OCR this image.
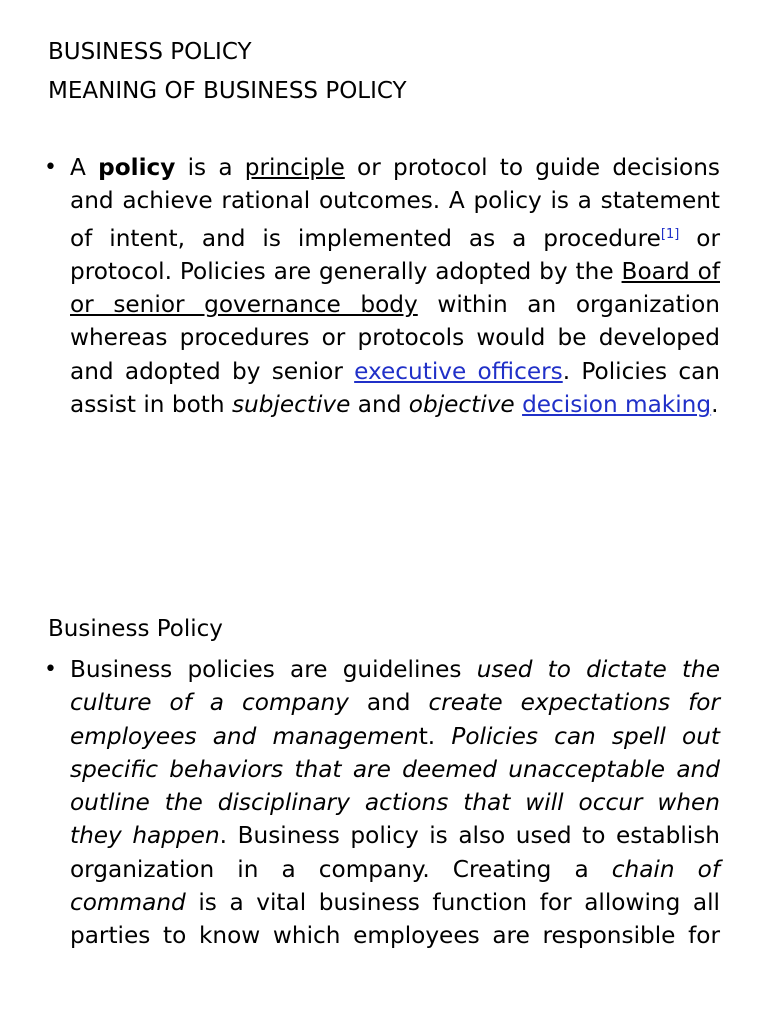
BUSINESS POLICY
MEANING OF BUSINESS POLICY
• A policy is a principle or protocol to guide decisions and achieve rational outcomes. A policy is a statement of intent, and is implemented as a procedure[1] or protocol. Policies are generally adopted by the Board of or senior governance body within an organization whereas procedures or protocols would be developed and adopted by senior executive officers. Policies can assist in both subjective and objective decision making.

Business Policy
• Business policies are guidelines used to dictate the culture of a company and create expectations for employees and management. Policies can spell out specific behaviors that are deemed unacceptable and outline the disciplinary actions that will occur when they happen. Business policy is also used to establish organization in a company. Creating a chain of command is a vital business function for allowing all parties to know which employees are responsible for
